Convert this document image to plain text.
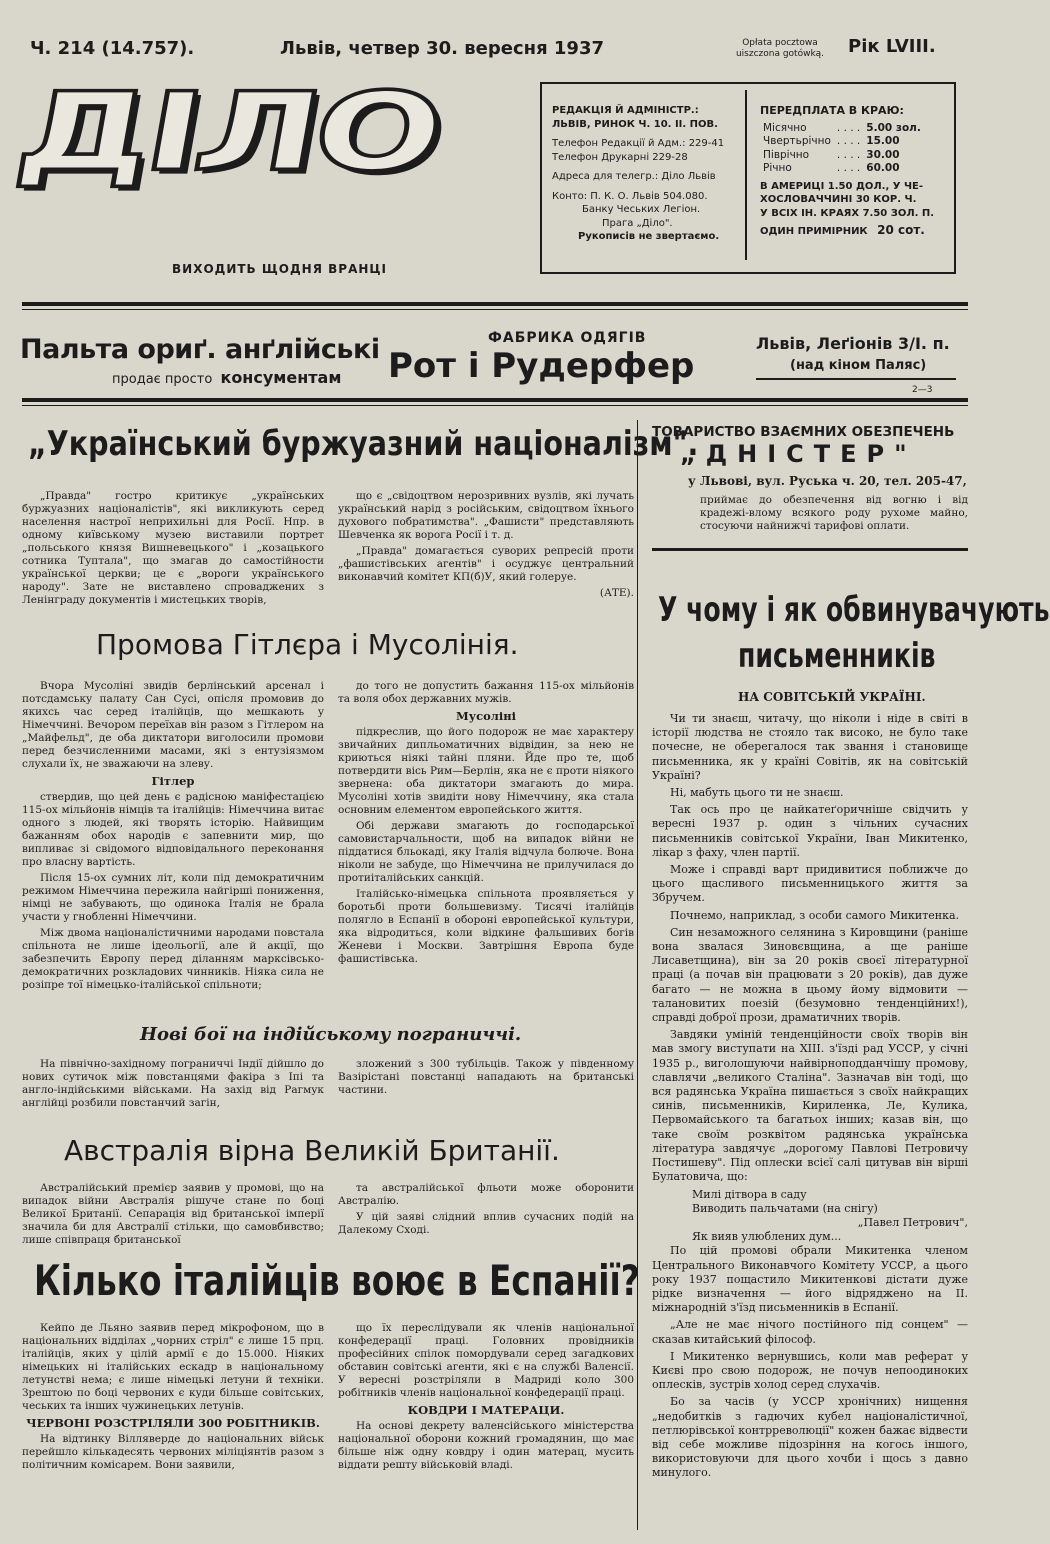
Ч. 214 (14.757).	Львів, четвер 30. вересня 1937	Opłata pocztowa uiszczona gotówką.	Рік LVIII.
ДІЛО
ВИХОДИТЬ ЩОДНЯ ВРАНЦІ
РЕДАКЦІЯ Й АДМІНІСТР.:
ЛЬВІВ, РИНОК Ч. 10. II. ПОВ.
Телефон Редакції й Адм.: 229-41
Телефон Друкарні 229-28
Адреса для телегр.: Діло Львів
Конто: П. К. О. Львів 504.080.
Банку Чеських Легіон.
Прага „Діло".
Рукописів не звертаємо.
ПЕРЕДПЛАТА В КРАЮ:
Місячно	. . . .	5.00 зол.
Чвертьрічно	. . . .	15.00
Піврічно	. . . .	30.00
Річно	. . . .	60.00
В АМЕРИЦІ 1.50 ДОЛ., У ЧЕ-
ХОСЛОВАЧЧИНІ 30 КОР. Ч.
У ВСІХ ІН. КРАЯХ 7.50 ЗОЛ. П.
ОДИН ПРИМІРНИК 20 сот.
Пальта ориґ. анґлійські
продає просто консументам
ФАБРИКА ОДЯГІВ
Рот і Рудерфер
Львів, Леґіонів 3/І. п.
(над кіном Паляс)
2—3
„Український буржуазний націоналізм".

„Правда" гостро критикує „українських буржуазних націоналістів", які викликують серед населення настрої неприхильні для Росії. Нпр. в одному київському музею виставили портрет „польського князя Вишневецького" і „козацького сотника Туптала", що змагав до самостійности української церкви; це є „вороги українського народу". Зате не виставлено спроваджених з Ленінграду документів і мистецьких творів,

що є „свідоцтвом нерозривних вузлів, які лучать український нарід з російським, свідоцтвом їхнього духового побратимства". „Фашисти" представляють Шевченка як ворога Росії і т. д.

„Правда" домагається суворих репресій проти „фашистівських агентів" і осуджує центральний виконавчий комітет КП(б)У, який голеруе.

(АТЕ).
ТОВАРИСТВО ВЗАЄМНИХ ОБЕЗПЕЧЕНЬ
„ДНІСТЕР"
у Львові, вул. Руська ч. 20, тел. 205-47,
приймає до обезпечення від вогню і від крадежі-влому всякого роду рухоме майно, стосуючи найнижчі тарифові оплати.
Промова Гітлєра і Мусолінія.

Вчора Мусоліні звидів берлінський арсенал і потсдамську палату Сан Сусі, опісля промовив до якихсь час серед італійців, що мешкають у Німеччині. Вечором переїхав він разом з Гітлером на „Майфельд", де оба диктатори виголосили промови перед безчисленними масами, які з ентузіязмом слухали їх, не зважаючи на злеву.

Гітлер

ствердив, що цей день є радісною маніфестацією 115-ох мільйонів німців та італійців: Німеччина витає одного з людей, які творять історію. Найвищим бажанням обох народів є запевнити мир, що випливає зі свідомого відповідального переконання про власну вартість.

Після 15-ох сумних літ, коли під демократичним режимом Німеччина пережила найгірші пониження, німці не забувають, що одинока Італія не брала участи у гнобленні Німеччини.

Між двома націоналістичними народами повстала спільнота не лише ідеольогії, але й акції, що забезпечить Европу перед діланням марксівсько-демократичних розкладових чинників. Ніяка сила не розіпре тої німецько-італійської спільноти;

до того не допустить бажання 115-ох мільйонів та воля обох державних мужів.

Мусоліні

підкреслив, що його подорож не має характеру звичайних дипльоматичних відвідин, за нею не криються ніякі тайні пляни. Йде про те, щоб потвердити вісь Рим—Берлін, яка не є проти ніякого звернена: оба диктатори змагають до мира. Мусоліні хотів звидіти нову Німеччину, яка стала основним елементом европейського життя.

Обі держави змагають до господарської самовистарчальности, щоб на випадок війни не піддатися бльокаді, яку Італія відчула болюче. Вона ніколи не забуде, що Німеччина не прилучилася до протиіталійських санкцій.

Італійсько-німецька спільнота проявляється у боротьбі проти большевизму. Тисячі італійців полягло в Еспанії в обороні европейської культури, яка відродиться, коли відкине фальшивих богів Женеви і Москви. Завтрішня Европа буде фашистівська.

Нові бої на індійському пограниччі.

На північно-західному пограниччі Індії дійшло до нових сутичок між повстанцями факіра з Іпі та англо-індійськими військами. На захід від Рагмук англійці розбили повстанчий загін,

зложений з 300 тубільців. Також у південному Вазірістані повстанці нападають на британські частини.

Австралія вірна Великій Британії.

Австралійський премієр заявив у промові, що на випадок війни Австралія рішуче стане по боці Великої Британії. Сепарація від британської імперії значила би для Австралії стільки, що самовбивство; лише співпраця британської

та австралійської фльоти може оборонити Австралію.

У цій заяві слідний вплив сучасних подій на Далекому Сході.

Кілько італійців воює в Еспанії?

Кейпо де Льяно заявив перед мікрофоном, що в національних відділах „чорних стріл" є лише 15 прц. італійців, яких у цілій армії є до 15.000. Ніяких німецьких ні італійських ескадр в національному летунстві нема; є лише німецькі летуни й техніки. Зрештою по боці червоних є куди більше совітських, чеських та інших чужинецьких летунів.

ЧЕРВОНІ РОЗСТРІЛЯЛИ 300 РОБІТНИКІВ.

На відтинку Вілляверде до національних військ перейшло кількадесять червоних міліціянтів разом з політичним комісарем. Вони заявили,

що їх переслідували як членів національної конфедерації праці. Головних провідників професійних спілок помордували серед загадкових обставин совітські агенти, які є на службі Валенсії. У вересні розстріляли в Мадриді коло 300 робітників членів національної конфедерації праці.

КОВДРИ І МАТЕРАЦИ.

На основі декрету валенсійського міністерства національної оборони кожний громадянин, що має більше ніж одну ковдру і один матерац, мусить віддати решту військовій владі.

У чому і як обвинувачують
письменників
НА СОВІТСЬКІЙ УКРАЇНІ.

Чи ти знаєш, читачу, що ніколи і ніде в світі в історії людства не стояло так високо, не було таке почесне, не оберегалося так звання і становище письменника, як у країні Совітів, як на совітській Україні?

Ні, мабуть цього ти не знаєш.

Так ось про це найкатеґоричніше свідчить у вересні 1937 р. один з чільних сучасних письменників совітської України, Іван Микитенко, лікар з фаху, член партії.

Може і справді варт придивитися поближче до цього щасливого письменницького життя за Збручем.

Почнемо, наприклад, з особи самого Микитенка.

Син незаможного селянина з Кировщини (раніше вона звалася Зиновєвщина, а ще раніше Лисаветщина), він за 20 років своєї літературної праці (а почав він працювати з 20 років), дав дуже багато — не можна в цьому йому відмовити — талановитих поезій (безумовно тенденційних!), справді доброї прози, драматичних творів.

Завдяки уміній тенденційности своїх творів він мав змогу виступати на XIII. з'їзді рад УССР, у січні 1935 р., виголошуючи найвірноподданчішу промову, славлячи „великого Сталіна". Зазначав він тоді, що вся радянська Україна пишається з своїх найкращих синів, письменників, Кириленка, Ле, Кулика, Первомайського та багатьох інших; казав він, що таке своїм розквітом радянська українська література завдячує „дорогому Павлові Петровичу Постишеву". Під оплески всієї салі цитував він вірші Булатовича, що:

Милі дітвора в саду
Виводить пальчатами (на снігу)
„Павел Петрович",
Як вияв улюблених дум...

По цій промові обрали Микитенка членом Центрального Виконавчого Комітету УССР, а цього року 1937 пощастило Микитенкові дістати дуже рідке визначення — його відряджено на II. міжнародній з'їзд письменників в Еспанії.

„Але не має нічого постійного під сонцем" — сказав китайський філософ.

І Микитенко вернувшись, коли мав реферат у Києві про свою подорож, не почув непоодиноких оплесків, зустрів холод серед слухачів.

Бо за часів (у УССР хронічних) нищення „недобитків з гадючих кубел націоналістичної, петлюрівської контрреволюції" кожен бажає відвести від себе можливе підозріння на когось іншого, використовуючи для цього хочби і щось з давно минулого.
